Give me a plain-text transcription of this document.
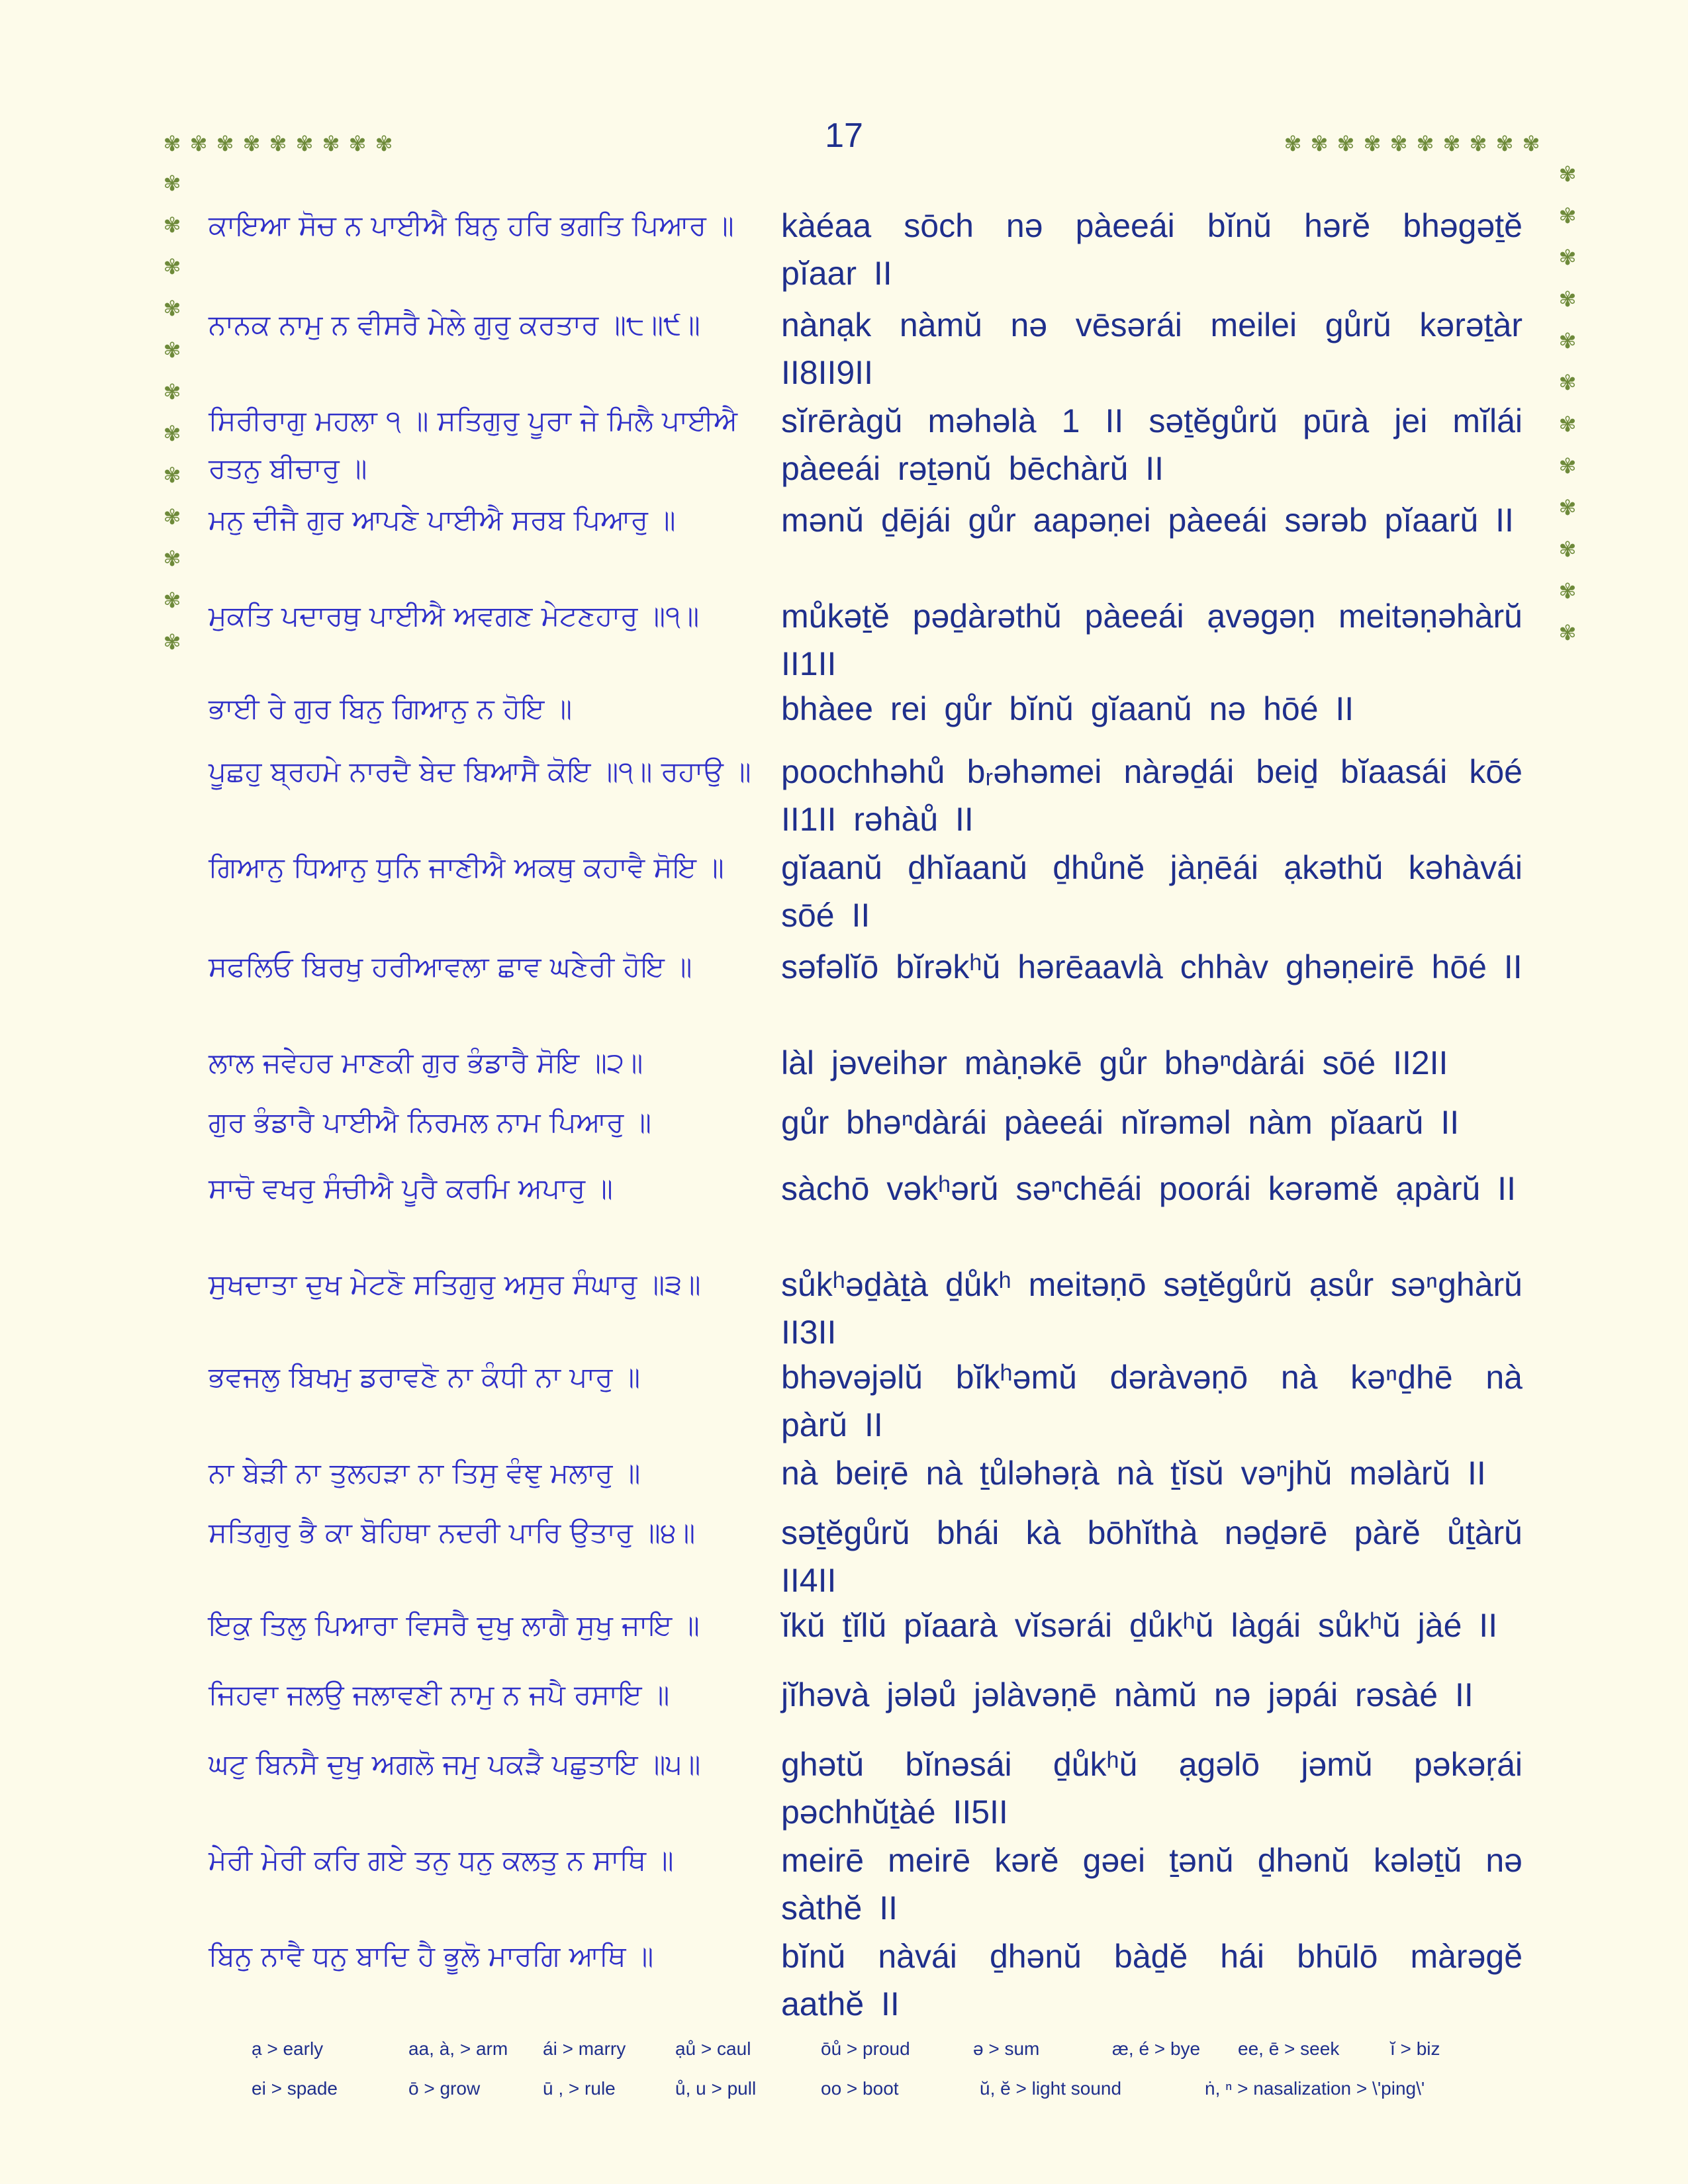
17
✾ ✾ ✾ ✾ ✾ ✾ ✾ ✾ ✾	✾ ✾ ✾ ✾ ✾ ✾ ✾ ✾ ✾ ✾
✾
✾
✾
✾
✾
✾
✾
✾
✾
✾
✾
✾
✾
✾
✾
✾
✾
✾
✾
✾
✾
✾
✾
✾
ਕਾਇਆ ਸੋਚ ਨ ਪਾਈਐ ਬਿਨੁ ਹਰਿ ਭਗਤਿ ਪਿਆਰ ॥	kàéaa sōch nə pàeeái bĭnŭ hərĕ bhəgəṯĕ pĭaar II
ਨਾਨਕ ਨਾਮੁ ਨ ਵੀਸਰੈ ਮੇਲੇ ਗੁਰੁ ਕਰਤਾਰ ॥੮॥੯॥	nànạk nàmŭ nə vēsərái meilei gůrŭ kərəṯàr II8II9II
ਸਿਰੀਰਾਗੁ ਮਹਲਾ ੧ ॥ ਸਤਿਗੁਰੁ ਪੂਰਾ ਜੇ ਮਿਲੈ ਪਾਈਐ ਰਤਨੁ ਬੀਚਾਰੁ ॥
sĭrēràgŭ məhəlà 1 II səṯĕgůrŭ pūrà jei mĭlái pàeeái rəṯənŭ bēchàrŭ II
ਮਨੁ ਦੀਜੈ ਗੁਰ ਆਪਣੇ ਪਾਈਐ ਸਰਬ ਪਿਆਰੁ ॥	mənŭ ḏējái gůr aapəṇei pàeeái sərəb pĭaarŭ II
ਮੁਕਤਿ ਪਦਾਰਥੁ ਪਾਈਐ ਅਵਗਣ ਮੇਟਣਹਾਰੁ ॥੧॥	můkəṯĕ pəḏàrəthŭ pàeeái ạvəgəṇ meitəṇəhàrŭ II1II
ਭਾਈ ਰੇ ਗੁਰ ਬਿਨੁ ਗਿਆਨੁ ਨ ਹੋਇ ॥	bhàee rei gůr bĭnŭ gĭaanŭ nə hōé II
ਪੂਛਹੁ ਬ੍ਰਹਮੇ ਨਾਰਦੈ ਬੇਦ ਬਿਆਸੈ ਕੋਇ ॥੧॥ ਰਹਾਉ ॥ poochhəhů bᵣəhəmei nàrəḏái beiḏ bĭaasái kōé II1II rəhàů II
ਗਿਆਨੁ ਧਿਆਨੁ ਧੁਨਿ ਜਾਣੀਐ ਅਕਥੁ ਕਹਾਵੈ ਸੋਇ ॥	gĭaanŭ ḏhĭaanŭ ḏhůnĕ jàṇēái ạkəthŭ kəhàvái sōé II
ਸਫਲਿਓ ਬਿਰਖੁ ਹਰੀਆਵਲਾ ਛਾਵ ਘਣੇਰੀ ਹੋਇ ॥	səfəlĭō bĭrəkʰŭ hərēaavlà chhàv ghəṇeirē hōé II
ਲਾਲ ਜਵੇਹਰ ਮਾਣਕੀ ਗੁਰ ਭੰਡਾਰੈ ਸੋਇ ॥੨॥	làl jəveihər màṇəkē gůr bhəⁿdàrái sōé II2II
ਗੁਰ ਭੰਡਾਰੈ ਪਾਈਐ ਨਿਰਮਲ ਨਾਮ ਪਿਆਰੁ ॥	gůr bhəⁿdàrái pàeeái nĭrəməl nàm pĭaarŭ II
ਸਾਚੋ ਵਖਰੁ ਸੰਚੀਐ ਪੂਰੈ ਕਰਮਿ ਅਪਾਰੁ ॥	sàchō vəkʰərŭ səⁿchēái poorái kərəmĕ ạpàrŭ II
ਸੁਖਦਾਤਾ ਦੁਖ ਮੇਟਣੋ ਸਤਿਗੁਰੁ ਅਸੁਰ ਸੰਘਾਰੁ ॥੩॥	sůkʰəḏàṯà ḏůkʰ meitəṇō səṯĕgůrŭ ạsůr səⁿghàrŭ II3II
ਭਵਜਲੁ ਬਿਖਮੁ ਡਰਾਵਣੋ ਨਾ ਕੰਧੀ ਨਾ ਪਾਰੁ ॥	bhəvəjəlŭ bĭkʰəmŭ dəràvəṇō nà kəⁿḏhē nà pàrŭ II
ਨਾ ਬੇੜੀ ਨਾ ਤੁਲਹੜਾ ਨਾ ਤਿਸੁ ਵੰਞੁ ਮਲਾਰੁ ॥	nà beiṛē nà ṯůləhəṛà nà ṯĭsŭ vəⁿjhŭ məlàrŭ II
ਸਤਿਗੁਰੁ ਭੈ ਕਾ ਬੋਹਿਥਾ ਨਦਰੀ ਪਾਰਿ ਉਤਾਰੁ ॥੪॥	səṯĕgůrŭ bhái kà bōhĭthà nəḏərē pàrĕ ůṯàrŭ II4II
ਇਕੁ ਤਿਲੁ ਪਿਆਰਾ ਵਿਸਰੈ ਦੁਖੁ ਲਾਗੈ ਸੁਖੁ ਜਾਇ ॥	ĭkŭ ṯĭlŭ pĭaarà vĭsərái ḏůkʰŭ làgái sůkʰŭ jàé II
ਜਿਹਵਾ ਜਲਉ ਜਲਾਵਣੀ ਨਾਮੁ ਨ ਜਪੈ ਰਸਾਇ ॥	jĭhəvà jələů jəlàvəṇē nàmŭ nə jəpái rəsàé II
ਘਟੁ ਬਿਨਸੈ ਦੁਖੁ ਅਗਲੋ ਜਮੁ ਪਕੜੈ ਪਛੁਤਾਇ ॥੫॥	ghətŭ bĭnəsái ḏůkʰŭ ạgəlō jəmŭ pəkəṛái pəchhŭṯàé II5II
ਮੇਰੀ ਮੇਰੀ ਕਰਿ ਗਏ ਤਨੁ ਧਨੁ ਕਲਤੁ ਨ ਸਾਥਿ ॥	meirē meirē kərĕ gəei ṯənŭ ḏhənŭ kələṯŭ nə sàthĕ II
ਬਿਨੁ ਨਾਵੈ ਧਨੁ ਬਾਦਿ ਹੈ ਭੂਲੋ ਮਾਰਗਿ ਆਥਿ ॥	bĭnŭ nàvái ḏhənŭ bàḏĕ hái bhūlō màrəgĕ aathĕ II
ạ > early	aa, à, > arm ái > marry	ạů > caul	ōů > proud	ə > sum	æ, é > bye ee, ē > seek	ĭ > biz
ei > spade	ō > grow	ū , > rule	ů, u > pull	oo > boot	ŭ, ĕ > light sound	ṅ, ⁿ > nasalization > \'ping\'
